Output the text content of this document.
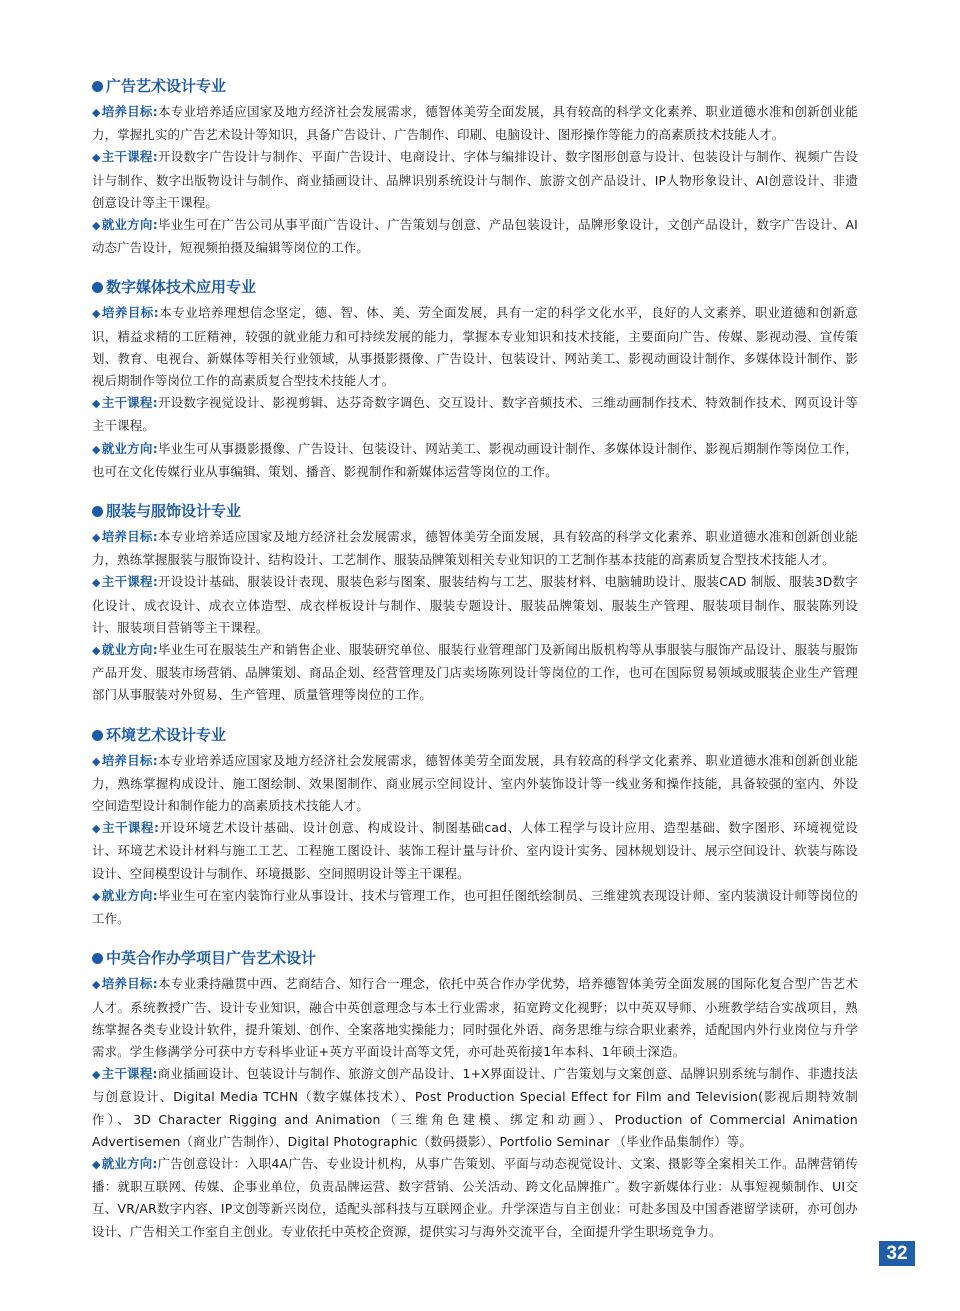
广告艺术设计专业

◆培养目标:本专业培养适应国家及地方经济社会发展需求，德智体美劳全面发展，具有较高的科学文化素养、职业道德水准和创新创业能力，掌握扎实的广告艺术设计等知识，具备广告设计、广告制作、印刷、电脑设计、图形操作等能力的高素质技术技能人才。

◆主干课程:开设数字广告设计与制作、平面广告设计、电商设计、字体与编排设计、数字图形创意与设计、包装设计与制作、视频广告设计与制作、数字出版物设计与制作、商业插画设计、品牌识别系统设计与制作、旅游文创产品设计、IP人物形象设计、AI创意设计、非遗创意设计等主干课程。

◆就业方向:毕业生可在广告公司从事平面广告设计、广告策划与创意、产品包装设计，品牌形象设计，文创产品设计，数字广告设计、AI动态广告设计，短视频拍摄及编辑等岗位的工作。

数字媒体技术应用专业

◆培养目标:本专业培养理想信念坚定，德、智、体、美、劳全面发展，具有一定的科学文化水平，良好的人文素养、职业道德和创新意识，精益求精的工匠精神，较强的就业能力和可持续发展的能力，掌握本专业知识和技术技能，主要面向广告、传媒、影视动漫、宣传策划、教育、电视台、新媒体等相关行业领域，从事摄影摄像、广告设计、包装设计、网站美工、影视动画设计制作、多媒体设计制作、影视后期制作等岗位工作的高素质复合型技术技能人才。

◆主干课程:开设数字视觉设计、影视剪辑、达芬奇数字调色、交互设计、数字音频技术、三维动画制作技术、特效制作技术、网页设计等主干课程。

◆就业方向:毕业生可从事摄影摄像、广告设计、包装设计、网站美工、影视动画设计制作、多媒体设计制作、影视后期制作等岗位工作，也可在文化传媒行业从事编辑、策划、播音、影视制作和新媒体运营等岗位的工作。

服装与服饰设计专业

◆培养目标:本专业培养适应国家及地方经济社会发展需求，德智体美劳全面发展，具有较高的科学文化素养、职业道德水准和创新创业能力，熟练掌握服装与服饰设计、结构设计、工艺制作、服装品牌策划相关专业知识的工艺制作基本技能的高素质复合型技术技能人才。

◆主干课程:开设设计基础、服装设计表现、服装色彩与图案、服装结构与工艺、服装材料、电脑辅助设计、服装CAD 制版、服装3D数字化设计、成衣设计、成衣立体造型、成衣样板设计与制作、服装专题设计、服装品牌策划、服装生产管理、服装项目制作、服装陈列设计、服装项目营销等主干课程。

◆就业方向:毕业生可在服装生产和销售企业、服装研究单位、服装行业管理部门及新闻出版机构等从事服装与服饰产品设计、服装与服饰产品开发、服装市场营销、品牌策划、商品企划、经营管理及门店卖场陈列设计等岗位的工作，也可在国际贸易领域或服装企业生产管理部门从事服装对外贸易、生产管理、质量管理等岗位的工作。

环境艺术设计专业

◆培养目标:本专业培养适应国家及地方经济社会发展需求，德智体美劳全面发展，具有较高的科学文化素养、职业道德水准和创新创业能力，熟练掌握构成设计、施工图绘制、效果图制作、商业展示空间设计、室内外装饰设计等一线业务和操作技能，具备较强的室内、外设空间造型设计和制作能力的高素质技术技能人才。

◆主干课程:开设环境艺术设计基础、设计创意、构成设计、制图基础cad、人体工程学与设计应用、造型基础、数字图形、环境视觉设计、环境艺术设计材料与施工工艺、工程施工图设计、装饰工程计量与计价、室内设计实务、园林规划设计、展示空间设计、软装与陈设设计、空间模型设计与制作、环境摄影、空间照明设计等主干课程。

◆就业方向:毕业生可在室内装饰行业从事设计、技术与管理工作，也可担任图纸绘制员、三维建筑表现设计师、室内装潢设计师等岗位的工作。

中英合作办学项目广告艺术设计

◆培养目标:本专业秉持融贯中西、艺商结合、知行合一理念，依托中英合作办学优势，培养德智体美劳全面发展的国际化复合型广告艺术人才。系统教授广告、设计专业知识，融合中英创意理念与本土行业需求，拓宽跨文化视野；以中英双导师、小班教学结合实战项目，熟练掌握各类专业设计软件，提升策划、创作、全案落地实操能力；同时强化外语、商务思维与综合职业素养，适配国内外行业岗位与升学需求。学生修满学分可获中方专科毕业证+英方平面设计高等文凭，亦可赴英衔接1年本科、1年硕士深造。

◆主干课程:商业插画设计、包装设计与制作、旅游文创产品设计、1+X界面设计、广告策划与文案创意、品牌识别系统与制作、非遗技法与创意设计、Digital Media TCHN（数字媒体技术）、Post Production Special Effect for Film and Television(影视后期特效制作）、3D Character Rigging and Animation（三维角色建模、绑定和动画）、Production of Commercial Animation Advertisemen（商业广告制作）、Digital Photographic（数码摄影）、Portfolio Seminar （毕业作品集制作）等。

◆就业方向:广告创意设计：入职4A广告、专业设计机构，从事广告策划、平面与动态视觉设计、文案、摄影等全案相关工作。品牌营销传播：就职互联网、传媒、企事业单位，负责品牌运营、数字营销、公关活动、跨文化品牌推广。数字新媒体行业：从事短视频制作、UI交互、VR/AR数字内容、IP文创等新兴岗位，适配头部科技与互联网企业。升学深造与自主创业：可赴多国及中国香港留学读研，亦可创办设计、广告相关工作室自主创业。专业依托中英校企资源，提供实习与海外交流平台，全面提升学生职场竞争力。

32
